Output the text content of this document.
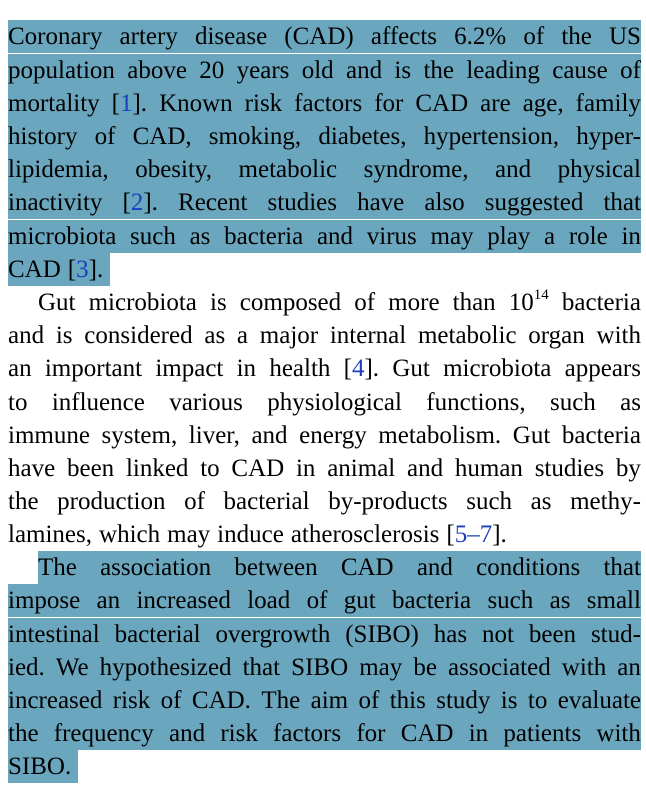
Coronary artery disease (CAD) affects 6.2% of the US
population above 20 years old and is the leading cause of
mortality [1]. Known risk factors for CAD are age, family
history of CAD, smoking, diabetes, hypertension, hyper-
lipidemia, obesity, metabolic syndrome, and physical
inactivity [2]. Recent studies have also suggested that
microbiota such as bacteria and virus may play a role in
CAD [3].
Gut microbiota is composed of more than $10^{14}$ bacteria
and is considered as a major internal metabolic organ with
an important impact in health [4]. Gut microbiota appears
to influence various physiological functions, such as
immune system, liver, and energy metabolism. Gut bacteria
have been linked to CAD in animal and human studies by
the production of bacterial by-products such as methy-
lamines, which may induce atherosclerosis [5–7].
The association between CAD and conditions that
impose an increased load of gut bacteria such as small
intestinal bacterial overgrowth (SIBO) has not been stud-
ied. We hypothesized that SIBO may be associated with an
increased risk of CAD. The aim of this study is to evaluate
the frequency and risk factors for CAD in patients with
SIBO.
